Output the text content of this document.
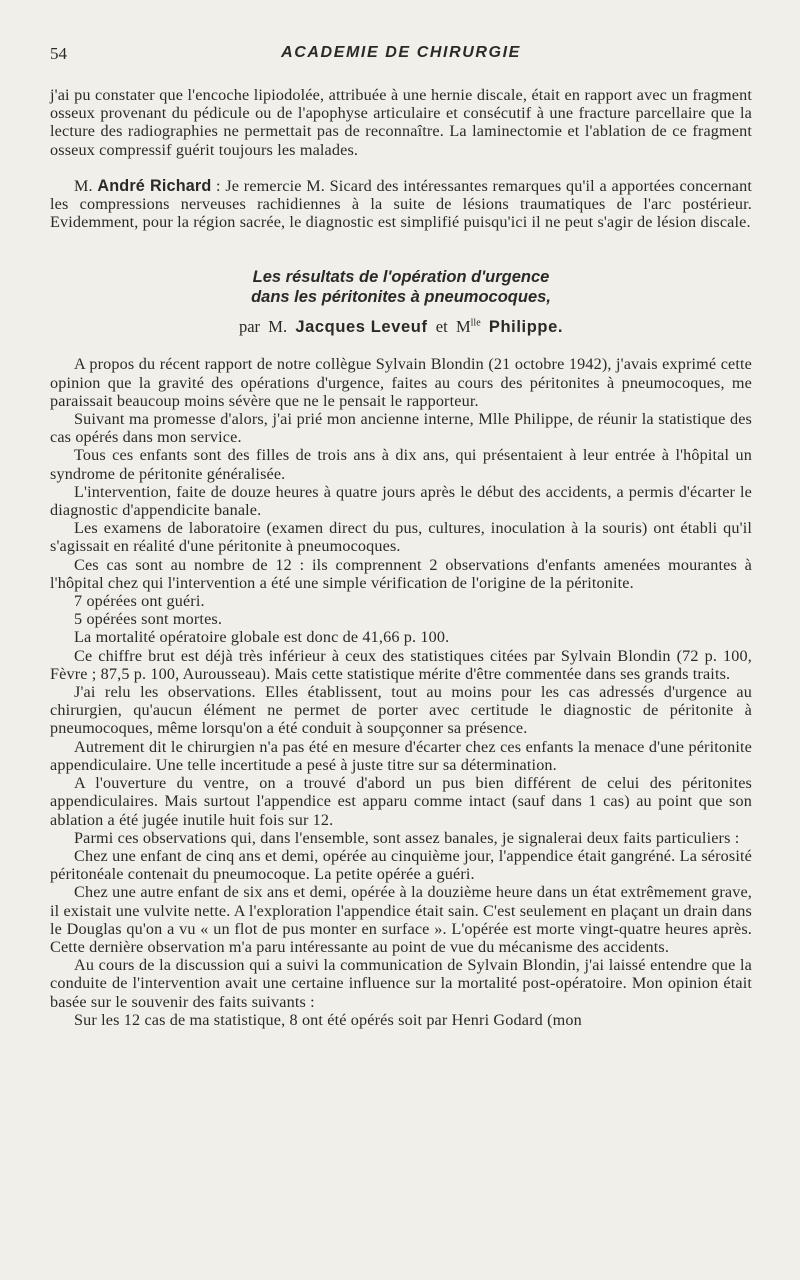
54	ACADEMIE DE CHIRURGIE

j'ai pu constater que l'encoche lipiodolée, attribuée à une hernie discale, était en rapport avec un fragment osseux provenant du pédicule ou de l'apophyse articulaire et consécutif à une fracture parcellaire que la lecture des radiographies ne permettait pas de reconnaître. La laminectomie et l'ablation de ce fragment osseux compressif guérit toujours les malades.

M. André Richard : Je remercie M. Sicard des intéressantes remarques qu'il a apportées concernant les compressions nerveuses rachidiennes à la suite de lésions traumatiques de l'arc postérieur. Evidemment, pour la région sacrée, le diagnostic est simplifié puisqu'ici il ne peut s'agir de lésion discale.

Les résultats de l'opération d'urgence
dans les péritonites à pneumocoques,

par M. Jacques Leveuf et $M^{lle}$ Philippe.

A propos du récent rapport de notre collègue Sylvain Blondin (21 octobre 1942), j'avais exprimé cette opinion que la gravité des opérations d'urgence, faites au cours des péritonites à pneumocoques, me paraissait beaucoup moins sévère que ne le pensait le rapporteur.

Suivant ma promesse d'alors, j'ai prié mon ancienne interne, Mlle Philippe, de réunir la statistique des cas opérés dans mon service.

Tous ces enfants sont des filles de trois ans à dix ans, qui présentaient à leur entrée à l'hôpital un syndrome de péritonite généralisée.

L'intervention, faite de douze heures à quatre jours après le début des accidents, a permis d'écarter le diagnostic d'appendicite banale.

Les examens de laboratoire (examen direct du pus, cultures, inoculation à la souris) ont établi qu'il s'agissait en réalité d'une péritonite à pneumocoques.

Ces cas sont au nombre de 12 : ils comprennent 2 observations d'enfants amenées mourantes à l'hôpital chez qui l'intervention a été une simple vérification de l'origine de la péritonite.

7 opérées ont guéri.

5 opérées sont mortes.

La mortalité opératoire globale est donc de 41,66 p. 100.

Ce chiffre brut est déjà très inférieur à ceux des statistiques citées par Sylvain Blondin (72 p. 100, Fèvre ; 87,5 p. 100, Aurousseau). Mais cette statistique mérite d'être commentée dans ses grands traits.

J'ai relu les observations. Elles établissent, tout au moins pour les cas adressés d'urgence au chirurgien, qu'aucun élément ne permet de porter avec certitude le diagnostic de péritonite à pneumocoques, même lorsqu'on a été conduit à soupçonner sa présence.

Autrement dit le chirurgien n'a pas été en mesure d'écarter chez ces enfants la menace d'une péritonite appendiculaire. Une telle incertitude a pesé à juste titre sur sa détermination.

A l'ouverture du ventre, on a trouvé d'abord un pus bien différent de celui des péritonites appendiculaires. Mais surtout l'appendice est apparu comme intact (sauf dans 1 cas) au point que son ablation a été jugée inutile huit fois sur 12.

Parmi ces observations qui, dans l'ensemble, sont assez banales, je signalerai deux faits particuliers :

Chez une enfant de cinq ans et demi, opérée au cinquième jour, l'appendice était gangréné. La sérosité péritonéale contenait du pneumocoque. La petite opérée a guéri.

Chez une autre enfant de six ans et demi, opérée à la douzième heure dans un état extrêmement grave, il existait une vulvite nette. A l'exploration l'appendice était sain. C'est seulement en plaçant un drain dans le Douglas qu'on a vu « un flot de pus monter en surface ». L'opérée est morte vingt-quatre heures après. Cette dernière observation m'a paru intéressante au point de vue du mécanisme des accidents.

Au cours de la discussion qui a suivi la communication de Sylvain Blondin, j'ai laissé entendre que la conduite de l'intervention avait une certaine influence sur la mortalité post-opératoire. Mon opinion était basée sur le souvenir des faits suivants :

Sur les 12 cas de ma statistique, 8 ont été opérés soit par Henri Godard (mon
